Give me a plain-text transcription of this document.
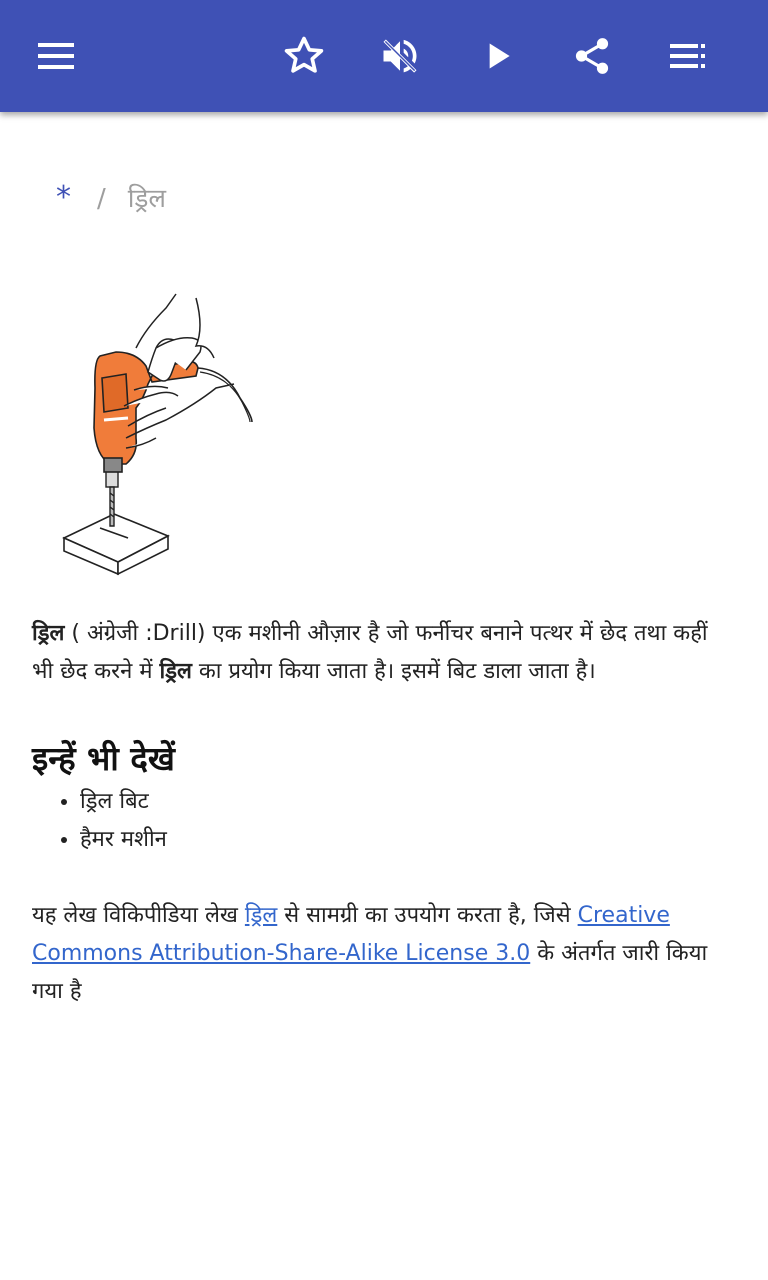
* / ड्रिल

ड्रिल ( अंग्रेजी :Drill) एक मशीनी औज़ार है जो फर्नीचर बनाने पत्थर में छेद तथा कहीं भी छेद करने में ड्रिल का प्रयोग किया जाता है। इसमें बिट डाला जाता है।

इन्हें भी देखें
• ड्रिल बिट
• हैमर मशीन

यह लेख विकिपीडिया लेख ड्रिल से सामग्री का उपयोग करता है, जिसे Creative Commons Attribution-Share-Alike License 3.0 के अंतर्गत जारी किया गया है
